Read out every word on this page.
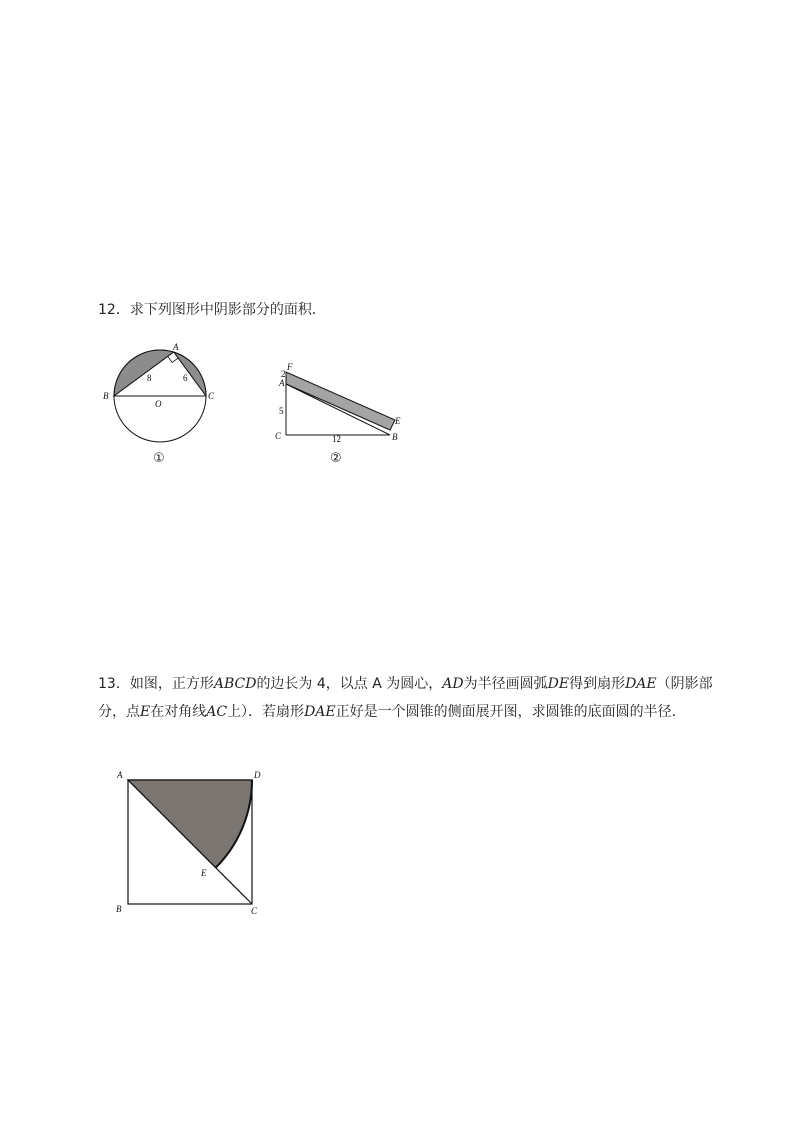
12．求下列图形中阴影部分的面积．
A
B	C
O
8	6
①
F
2
A
5
C	12	B
E
②
13．如图，正方形ABCD的边长为 4，以点 A 为圆心，AD为半径画圆弧DE得到扇形DAE（阴影部分，点E在对角线AC上）．若扇形DAE正好是一个圆锥的侧面展开图，求圆锥的底面圆的半径．
A	D
E
B	C
